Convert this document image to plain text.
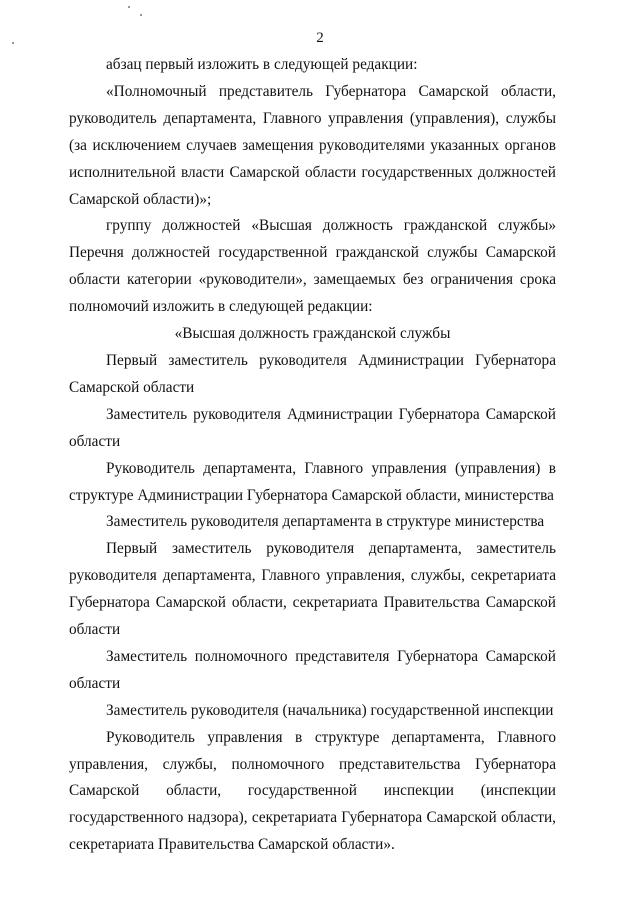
2

абзац первый изложить в следующей редакции:

«Полномочный представитель Губернатора Самарской области, руководитель департамента, Главного управления (управления), службы (за исключением случаев замещения руководителями указанных органов исполнительной власти Самарской области государственных должностей Самарской области)»;

группу должностей «Высшая должность гражданской службы» Перечня должностей государственной гражданской службы Самарской области категории «руководители», замещаемых без ограничения срока полномочий изложить в следующей редакции:

«Высшая должность гражданской службы

Первый заместитель руководителя Администрации Губернатора Самарской области

Заместитель руководителя Администрации Губернатора Самарской области

Руководитель департамента, Главного управления (управления) в структуре Администрации Губернатора Самарской области, министерства

Заместитель руководителя департамента в структуре министерства

Первый заместитель руководителя департамента, заместитель руководителя департамента, Главного управления, службы, секретариата Губернатора Самарской области, секретариата Правительства Самарской области

Заместитель полномочного представителя Губернатора Самарской области

Заместитель руководителя (начальника) государственной инспекции

Руководитель управления в структуре департамента, Главного управления, службы, полномочного представительства Губернатора Самарской области, государственной инспекции (инспекции государственного надзора), секретариата Губернатора Самарской области, секретариата Правительства Самарской области».
